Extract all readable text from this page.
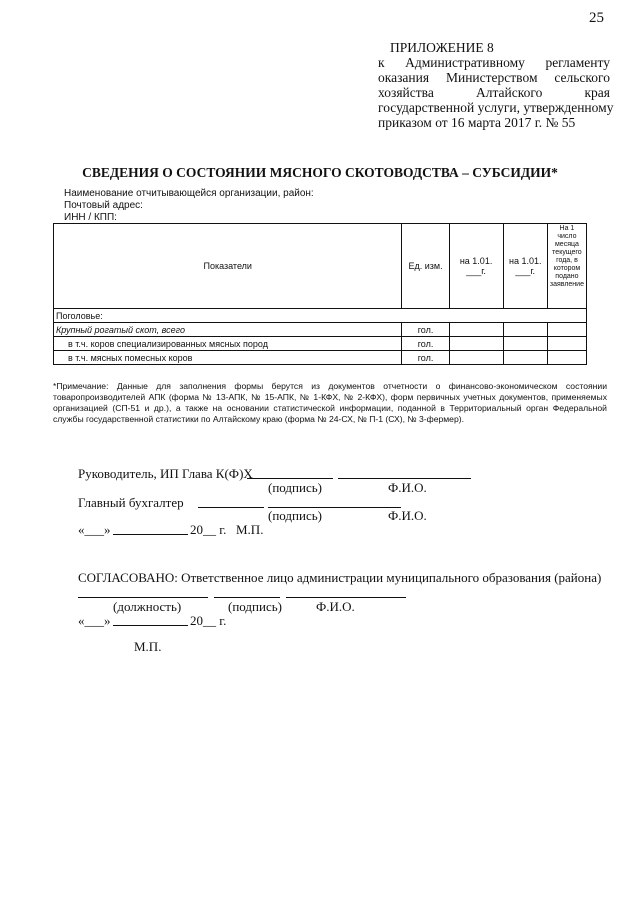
25
ПРИЛОЖЕНИЕ 8
к Административному регламенту
оказания Министерством сельского
хозяйства Алтайского края
государственной услуги, утвержденному
приказом от 16 марта 2017 г. № 55
СВЕДЕНИЯ О СОСТОЯНИИ МЯСНОГО СКОТОВОДСТВА – СУБСИДИИ*
Наименование отчитывающейся организации, район:
Почтовый адрес:
ИНН / КПП:
Показатели	Ед. изм.	на 1.01. ___г.	на 1.01. ___г.	На 1 число месяца текущего года, в котором подано заявление
Поголовье:				
Крупный рогатый скот, всего	гол.			
в т.ч. коров специализированных мясных пород	гол.			
в т.ч. мясных помесных коров	гол.			
*Примечание: Данные для заполнения формы берутся из документов отчетности о финансово-экономическом состоянии товаропроизводителей АПК (форма № 13-АПК, № 15-АПК, № 1-КФХ, № 2-КФХ), форм первичных учетных документов, применяемых организацией (СП-51 и др.), а также на основании статистической информации, поданной в Территориальный орган Федеральной службы государственной статистики по Алтайскому краю (форма № 24-СХ, № П-1 (СХ), № 3-фермер).
Руководитель, ИП Глава К(Ф)Х
(подпись)	Ф.И.О.
Главный бухгалтер
(подпись)	Ф.И.О.
«___»	20__ г. М.П.
СОГЛАСОВАНО: Ответственное лицо администрации муниципального образования (района)
(должность)	(подпись)	Ф.И.О.
«___»	20__ г.
М.П.
